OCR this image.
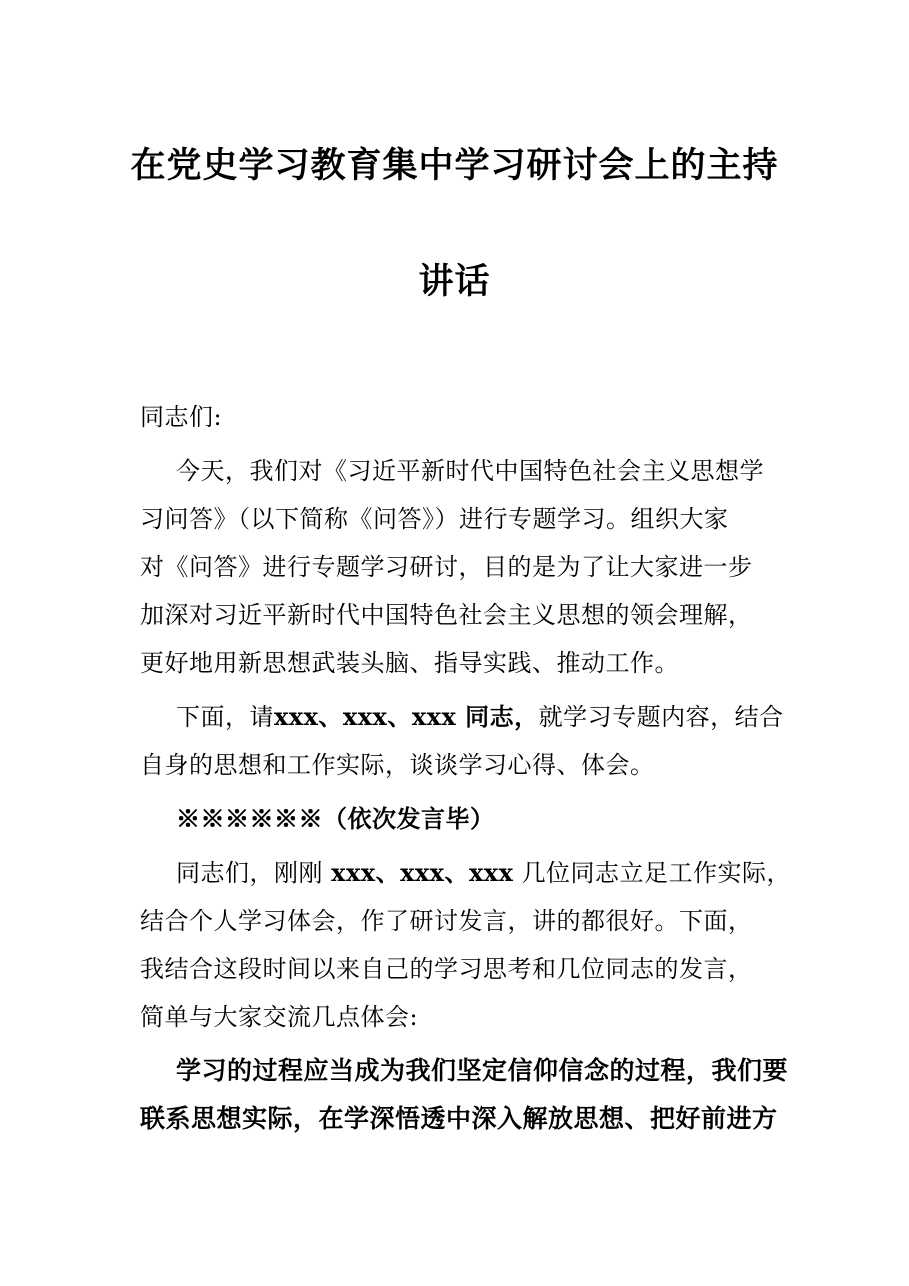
在党史学习教育集中学习研讨会上的主持
讲话

同志们:

今天，我们对《习近平新时代中国特色社会主义思想学
习问答》（以下简称《问答》）进行专题学习。组织大家
对《问答》进行专题学习研讨，目的是为了让大家进一步
加深对习近平新时代中国特色社会主义思想的领会理解，
更好地用新思想武装头脑、指导实践、推动工作。

下面，请xxx、xxx、xxx 同志，就学习专题内容，结合
自身的思想和工作实际，谈谈学习心得、体会。

※※※※※※（依次发言毕）

同志们，刚刚 xxx、xxx、xxx 几位同志立足工作实际，
结合个人学习体会，作了研讨发言，讲的都很好。下面，
我结合这段时间以来自己的学习思考和几位同志的发言，
简单与大家交流几点体会:

学习的过程应当成为我们坚定信仰信念的过程，我们要
联系思想实际，在学深悟透中深入解放思想、把好前进方
